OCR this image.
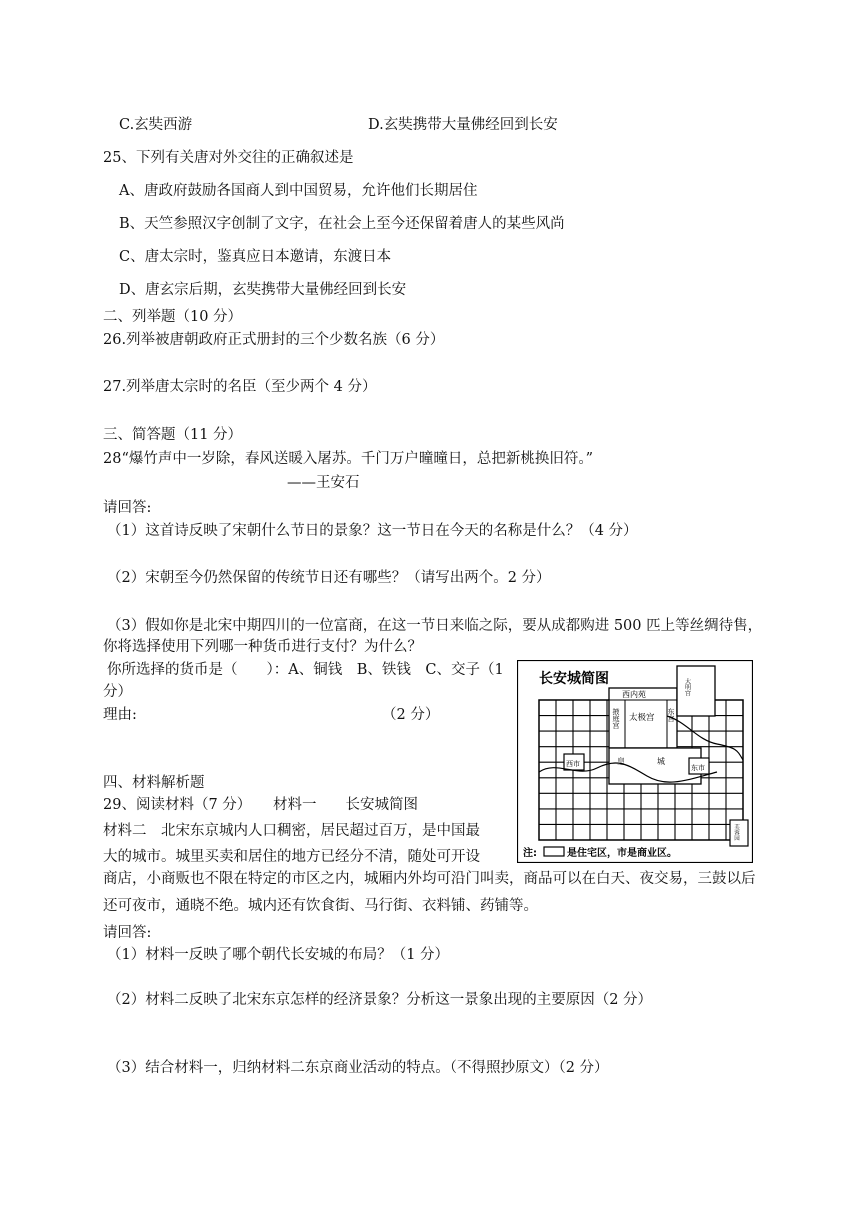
C.玄奘西游	D.玄奘携带大量佛经回到长安
25、下列有关唐对外交往的正确叙述是
A、唐政府鼓励各国商人到中国贸易，允许他们长期居住
B、天竺参照汉字创制了文字，在社会上至今还保留着唐人的某些风尚
C、唐太宗时，鉴真应日本邀请，东渡日本
D、唐玄宗后期，玄奘携带大量佛经回到长安
二、列举题（10 分）
26.列举被唐朝政府正式册封的三个少数名族（6 分）
27.列举唐太宗时的名臣（至少两个 4 分）
三、简答题（11 分）
28“爆竹声中一岁除，春风送暖入屠苏。千门万户曈曈日，总把新桃换旧符。”
——王安石
请回答:
（1）这首诗反映了宋朝什么节日的景象？这一节日在今天的名称是什么？（4 分）
（2）宋朝至今仍然保留的传统节日还有哪些？（请写出两个。2 分）
（3）假如你是北宋中期四川的一位富商，在这一节日来临之际，要从成都购进 500 匹上等丝绸待售，
你将选择使用下列哪一种货币进行支付？为什么？
你所选择的货币是（　　）：A、铜钱　B、铁钱　C、交子（1
分）
理由:	（2 分）
四、材料解析题
29、阅读材料（7 分）　　材料一　　长安城简图
材料二　北宋东京城内人口稠密，居民超过百万，是中国最
大的城市。城里买卖和居住的地方已经分不清，随处可开设
商店，小商贩也不限在特定的市区之内，城厢内外均可沿门叫卖，商品可以在白天、夜交易，三鼓以后还可夜市，通晓不绝。城内还有饮食街、马行街、衣料铺、药铺等。
请回答:
（1）材料一反映了哪个朝代长安城的布局？（1 分）
（2）材料二反映了北宋东京怎样的经济景象？分析这一景象出现的主要原因（2 分）
（3）结合材料一，归纳材料二东京商业活动的特点。（不得照抄原文）（2 分）
长安城简图	大明宫
西内苑
掖庭宫 太极宫 东宫
皇	城
西市	东市
芙蓉园
注:　　　是住宅区，市是商业区。
